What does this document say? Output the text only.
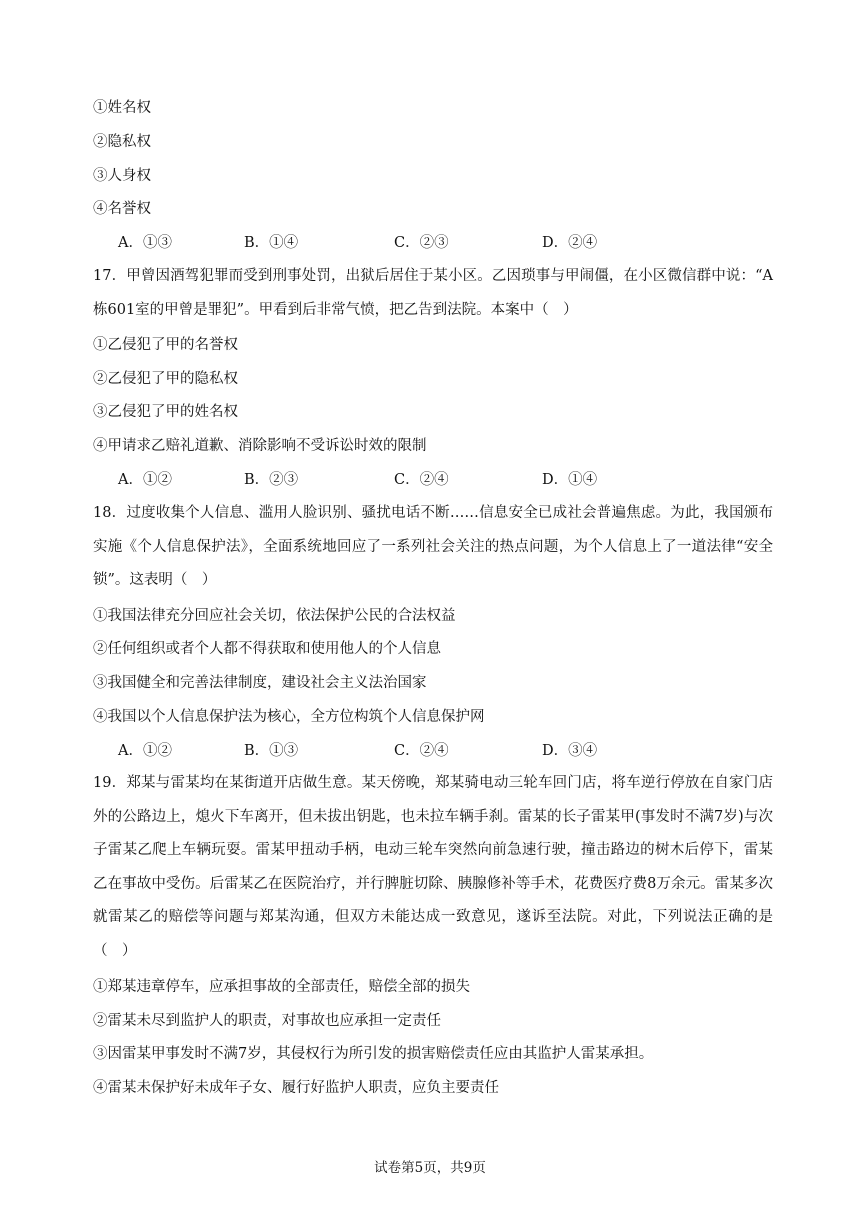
①姓名权
②隐私权
③人身权
④名誉权
A．①③	B．①④	C．②③	D．②④
17．甲曾因酒驾犯罪而受到刑事处罚，出狱后居住于某小区。乙因琐事与甲闹僵，在小区微信群中说：“A栋601室的甲曾是罪犯”。甲看到后非常气愤，把乙告到法院。本案中（　）
①乙侵犯了甲的名誉权
②乙侵犯了甲的隐私权
③乙侵犯了甲的姓名权
④甲请求乙赔礼道歉、消除影响不受诉讼时效的限制
A．①②	B．②③	C．②④	D．①④
18．过度收集个人信息、滥用人脸识别、骚扰电话不断……信息安全已成社会普遍焦虑。为此，我国颁布实施《个人信息保护法》，全面系统地回应了一系列社会关注的热点问题，为个人信息上了一道法律“安全锁”。这表明（　）
①我国法律充分回应社会关切，依法保护公民的合法权益
②任何组织或者个人都不得获取和使用他人的个人信息
③我国健全和完善法律制度，建设社会主义法治国家
④我国以个人信息保护法为核心，全方位构筑个人信息保护网
A．①②	B．①③	C．②④	D．③④
19．郑某与雷某均在某街道开店做生意。某天傍晚，郑某骑电动三轮车回门店，将车逆行停放在自家门店外的公路边上，熄火下车离开，但未拔出钥匙，也未拉车辆手刹。雷某的长子雷某甲(事发时不满7岁)与次子雷某乙爬上车辆玩耍。雷某甲扭动手柄，电动三轮车突然向前急速行驶，撞击路边的树木后停下，雷某乙在事故中受伤。后雷某乙在医院治疗，并行脾脏切除、胰腺修补等手术，花费医疗费8万余元。雷某多次就雷某乙的赔偿等问题与郑某沟通，但双方未能达成一致意见，遂诉至法院。对此，下列说法正确的是（　）
①郑某违章停车，应承担事故的全部责任，赔偿全部的损失
②雷某未尽到监护人的职责，对事故也应承担一定责任
③因雷某甲事发时不满7岁，其侵权行为所引发的损害赔偿责任应由其监护人雷某承担。
④雷某未保护好未成年子女、履行好监护人职责，应负主要责任
试卷第5页，共9页
